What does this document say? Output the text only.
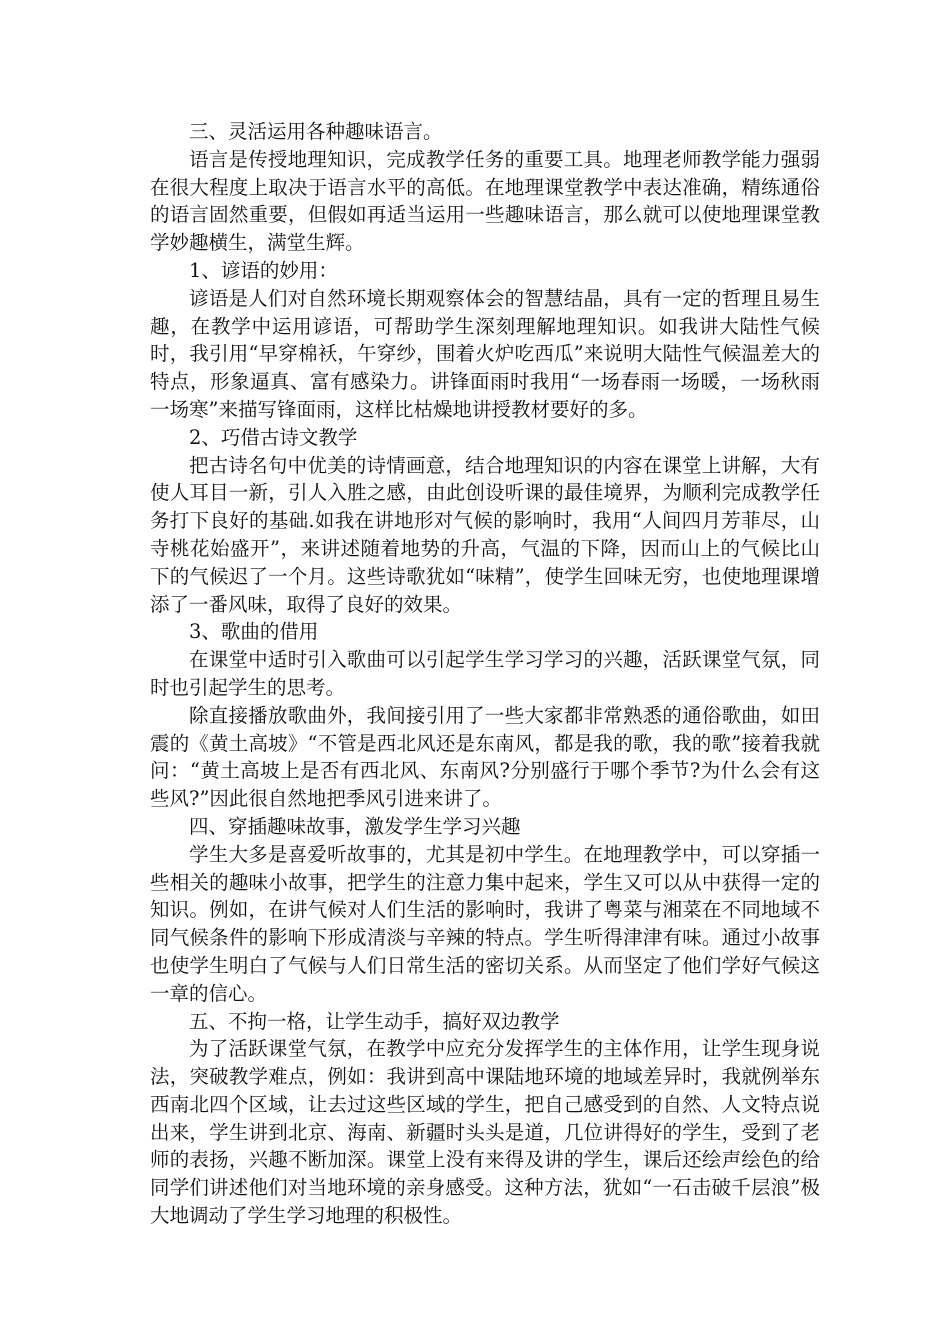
三、灵活运用各种趣味语言。

语言是传授地理知识，完成教学任务的重要工具。地理老师教学能力强弱在很大程度上取决于语言水平的高低。在地理课堂教学中表达准确，精练通俗的语言固然重要，但假如再适当运用一些趣味语言，那么就可以使地理课堂教学妙趣横生，满堂生辉。

1、谚语的妙用：

谚语是人们对自然环境长期观察体会的智慧结晶，具有一定的哲理且易生趣，在教学中运用谚语，可帮助学生深刻理解地理知识。如我讲大陆性气候时，我引用“早穿棉袄，午穿纱，围着火炉吃西瓜”来说明大陆性气候温差大的特点，形象逼真、富有感染力。讲锋面雨时我用“一场春雨一场暖，一场秋雨一场寒”来描写锋面雨，这样比枯燥地讲授教材要好的多。

2、巧借古诗文教学

把古诗名句中优美的诗情画意，结合地理知识的内容在课堂上讲解，大有使人耳目一新，引人入胜之感，由此创设听课的最佳境界，为顺利完成教学任务打下良好的基础.如我在讲地形对气候的影响时，我用“人间四月芳菲尽，山寺桃花始盛开”，来讲述随着地势的升高，气温的下降，因而山上的气候比山下的气候迟了一个月。这些诗歌犹如“味精”，使学生回味无穷，也使地理课增添了一番风味，取得了良好的效果。

3、歌曲的借用

在课堂中适时引入歌曲可以引起学生学习学习的兴趣，活跃课堂气氛，同时也引起学生的思考。

除直接播放歌曲外，我间接引用了一些大家都非常熟悉的通俗歌曲，如田震的《黄土高坡》“不管是西北风还是东南风，都是我的歌，我的歌”接着我就问：“黄土高坡上是否有西北风、东南风?分别盛行于哪个季节?为什么会有这些风?”因此很自然地把季风引进来讲了。

四、穿插趣味故事，激发学生学习兴趣

学生大多是喜爱听故事的，尤其是初中学生。在地理教学中，可以穿插一些相关的趣味小故事，把学生的注意力集中起来，学生又可以从中获得一定的知识。例如，在讲气候对人们生活的影响时，我讲了粤菜与湘菜在不同地域不同气候条件的影响下形成清淡与辛辣的特点。学生听得津津有味。通过小故事也使学生明白了气候与人们日常生活的密切关系。从而坚定了他们学好气候这一章的信心。

五、不拘一格，让学生动手，搞好双边教学

为了活跃课堂气氛，在教学中应充分发挥学生的主体作用，让学生现身说法，突破教学难点，例如：我讲到高中课陆地环境的地域差异时，我就例举东西南北四个区域，让去过这些区域的学生，把自己感受到的自然、人文特点说出来，学生讲到北京、海南、新疆时头头是道，几位讲得好的学生，受到了老师的表扬，兴趣不断加深。课堂上没有来得及讲的学生，课后还绘声绘色的给同学们讲述他们对当地环境的亲身感受。这种方法，犹如“一石击破千层浪”极大地调动了学生学习地理的积极性。
